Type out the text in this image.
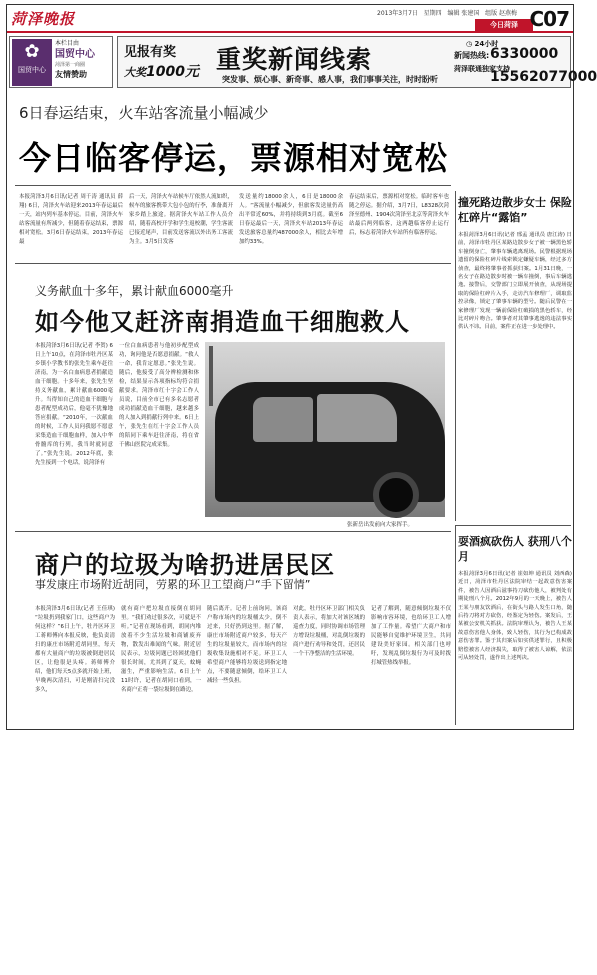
菏泽晚报	2013年3月7日 星期四 编辑 张建国 组版 赵燕梅
今日菏泽 C07
✿
国贸中心
本栏目由
国贸中心
菏泽第一商圈
友情赞助
见报有奖
大奖1000元 重奖新闻线索
突发事、烦心事、新奇事、感人事，我们事事关注，时时盼听
◷ 24小时
新闻热线: 6330000
菏泽联通独家支持
15562077000
6日春运结束，火车站客流量小幅减少
今日临客停运，票源相对宽松
本报菏泽3月6日讯(记者 周千涛 通讯员 薛翔) 6日，菏泽火车站迎来2013年春运最后一天，站内列车基本停运。目前，菏泽火车站客流量有所减少，但随着春运结束，票源相对宽松。3月6日春运结束，2013年春运最
后一天，菏泽火车站候车厅依然人流如织，候车的旅客携带大包小包的行李，准备离开家乡踏上旅途。据菏泽火车站工作人员介绍，随着高校开学和学生返校潮，学生客流已接近尾声，目前发送客流以外出务工客流为主。3月5日发客
发送量约18000余人，6日是18000余人。“客流量小幅减少，但旅客发送量仍高出平常近60%，并将持续到3月底。截至6日春运最后一天，菏泽火车站2013年春运发送旅客总量约487000余人，相比去年增加约33%。
春运结束后，票源相对宽松。临时客车也随之停运。据介绍，3月7日，L8328次菏泽至德州、1904次菏泽至北京等菏泽火车站最后两列临客，这两趟临客停止运行后，标志着菏泽火车站所有临客停运。
撞死路边散步女士 保险杠碎片“露馅”
本报菏泽3月6日讯(记者 邢孟 通讯员 唐江涛) 日前，菏泽市牡丹区某路边散步女子被一辆黑色轿车撞倒身亡，肇事车辆逃离现场。民警根据现场遗留的保险杠碎片线索锁定嫌疑车辆，经过多方侦查，最终将肇事者抓获归案。1月31日晚，一名女子在路边散步时被一辆车撞倒，事后车辆逃逸。接警后，交警部门立即展开侦查，从现场提取的保险杠碎片入手，走访汽车修理厂，调取监控录像，锁定了肇事车辆的型号。随后民警在一家修理厂发现一辆前保险杠破损的黑色轿车，经比对碎片吻合。肇事者对其肇事逃逸的违法事实供认不讳。目前，案件正在进一步处理中。
义务献血十多年，累计献血6000毫升
如今他又赶济南捐造血干细胞救人
本报菏泽3月6日讯(记者 李贺) 6日上午10点，在菏泽市牡丹区某乡镇小学教书的张先生乘车赶往济南，为一名白血病患者捐献造血干细胞。十多年来，张先生坚持义务献血，累计献血6000毫升。当得知自己的造血干细胞与患者配型成功后，他毫不犹豫地答应捐献。“2010年，一次献血的时候，工作人员问我愿不愿意采集造血干细胞血样，加入中华骨髓库的行列，我当时就同意了。”张先生说。2012年底，张先生接到一个电话，说菏泽有
一位白血病患者与他初步配型成功，询问他是否愿意捐献。“救人一命，我肯定愿意。”张先生说。随后，他接受了高分辨检测和体检，结果显示各项指标均符合捐献要求。菏泽市红十字会工作人员说，目前全市已有多名志愿者成功捐献造血干细胞，越来越多的人加入到捐献行列中来。6日上午，张先生在红十字会工作人员的陪同下乘车赶往济南，将在省千佛山医院完成采集。
张新岳出发前向大家挥手。
商户的垃圾为啥扔进居民区
事发康庄市场附近胡同，劳累的环卫工望商户“手下留情”
本报菏泽3月6日讯(记者 王佳琪) “垃圾扔到我家门口，这些商户为何这样？”6日上午，牡丹区环卫工蒋师傅向本报反映，他负责清扫的康庄市场附近胡同里，每天都有大量商户的垃圾被倒进居民区，让他很是头疼。蒋师傅介绍，他们每天5点多就开始上班，早晚两次清扫，可是刚清扫完没多久，
就有商户把垃圾直接倒在胡同里。“我们劝过很多次，可就是不听。”记者在现场看到，胡同内堆放着不少生活垃圾和商铺废弃物，散发出难闻的气味。附近居民表示，垃圾问题已经困扰他们很长时间，尤其到了夏天，蚊蝇滋生，严重影响生活。6日上午11时许，记者在胡同口看到，一名商户正将一袋垃圾倒在路边，
随后离开。记者上前询问，该商户称市场内的垃圾桶太少，倒不过来，只好扔到这里。据了解，康庄市场附近商户较多，每天产生的垃圾量较大，而市场内的垃圾收集设施相对不足。环卫工人希望商户能够将垃圾送到指定地点，不要随意倾倒，给环卫工人减轻一些负担。
对此，牡丹区环卫部门相关负责人表示，将加大对该区域的巡查力度，同时协调市场管理方增设垃圾桶，对乱倒垃圾的商户进行劝导和处罚，还居民一个干净整洁的生活环境。
记者了解到，随意倾倒垃圾不仅影响市容环境，也给环卫工人增加了工作量。希望广大商户和市民能够自觉维护环境卫生，共同建设美好家园。相关部门也呼吁，发现乱倒垃圾行为可及时拨打城管热线举报。
耍酒疯砍伤人 获刑八个月
本报菏泽3月6日讯(记者 崔如坤 通讯员 刘西森) 近日，菏泽市牡丹区法院审结一起故意伤害案件，被告人因酒后滋事持刀砍伤他人，被判处有期徒刑八个月。2012年9月的一天晚上，被告人王某与朋友饮酒后，在街头与路人发生口角，随后持刀将对方砍伤，经鉴定为轻伤。案发后，王某被公安机关抓获。法院审理认为，被告人王某故意伤害他人身体，致人轻伤，其行为已构成故意伤害罪。鉴于其归案后如实供述罪行，且积极赔偿被害人经济损失，取得了被害人谅解，依法可从轻处罚，遂作出上述判决。
